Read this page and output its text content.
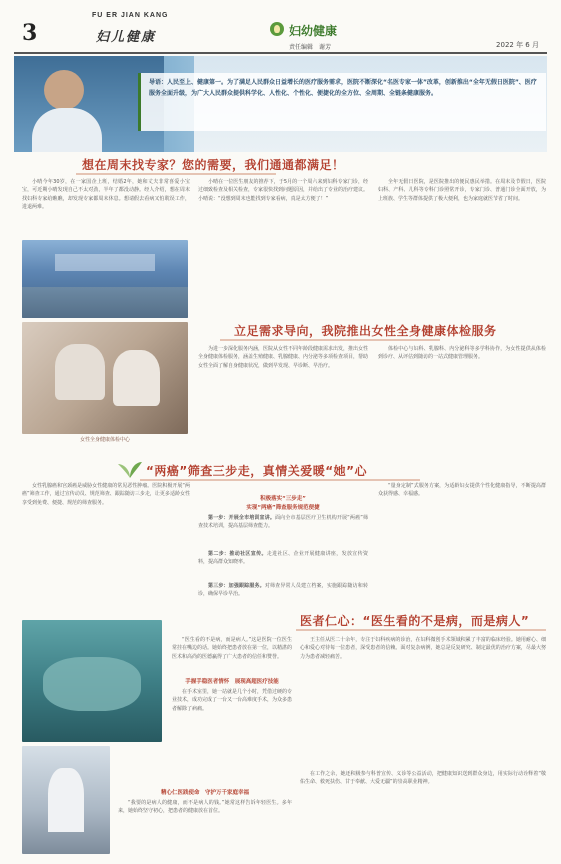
3
FU ER JIAN KANG
妇儿健康	妇幼健康
责任编辑　谢芳	2022 年 6 月

导语：人民至上、健康第一。为了满足人民群众日益增长的医疗服务需求，医院不断深化“名医专家一体”改革，创新推出“全年无假日医院”、医疗服务全面升级，为广大人民群众提供科学化、人性化、个性化、便捷化的全方位、全周期、全链条健康服务。

想在周末找专家？您的需要，我们通通都满足！

小晴今年30岁，在一家国企上班，结婚2年，她和丈夫非常喜爱小宝宝，可近期小晴发现自己不太对劲，半年了都没动静。经人介绍，想在周末找妇科专家给瞧瞧，却发现专家都周末休息。想请假去看病又怕耽误工作，进退两难。

小晴在一位医生朋友的推荐下，于5月的一个周六来到妇科专家门诊，经过细致检查及相关检查，专家很快找到问题原因，并给出了专业的治疗建议。小晴说：“没想到周末也能找到专家看病，真是太方便了！”

全年无假日医院，是医院推出的便民惠民举措。在周末及节假日，医院妇科、产科、儿科等专科门诊照常开诊，专家门诊、普通门诊全面开放，为上班族、学生等群体提供了极大便利，也为家庭就医节省了时间。

立足需求导向，我院推出女性全身健康体检服务
女性全身健康体检中心

为进一步深化服务内涵，医院从女性不同年龄段健康需求出发，推出女性全身健康体检服务，涵盖生殖健康、乳腺健康、内分泌等多项检查项目，帮助女性全面了解自身健康状况，做到早发现、早诊断、早治疗。

体检中心与妇科、乳腺科、内分泌科等多学科协作，为女性提供从体检到诊疗、从评估到随访的一站式健康管理服务。

“两癌”筛查三步走，真情关爱暖“她”心

女性乳腺癌和宫颈癌是威胁女性健康的常见恶性肿瘤。医院积极开展“两癌”筛查工作，通过宣传动员、规范筛查、跟踪随访三步走，让更多适龄女性享受到免费、便捷、规范的筛查服务。

积极落实“三步走”
实现“两癌”筛查服务规范便捷

第一步：开展全市培训宣讲。面向全市基层医疗卫生机构开展“两癌”筛查技术培训，提高基层筛查能力。

第二步：推动社区宣传。走进社区、企业开展健康讲座，发放宣传资料，提高群众知晓率。

第三步：加强跟踪服务。对筛查异常人员建立档案，实施跟踪随访和转诊，确保早诊早治。

“量身定制”式服务方案，为适龄妇女提供个性化健康指导，不断提高群众获得感、幸福感。

医者仁心：“医生看的不是病，而是病人”

“医生看的不是病，而是病人。”这是医院一位医生常挂在嘴边的话。她始终把患者放在第一位，以精湛的医术和高尚的医德赢得了广大患者的信任和赞誉。

手握手稳医者情怀　展现高超医疗技能

在手术室里，她一站就是几个小时，凭借过硬的专业技术，成功完成了一台又一台高难度手术，为众多患者解除了病痛。

精心仁医践使命　守护万千家庭幸福

“我要的是病人的健康，而不是病人的钱。”她常这样告诉年轻医生。多年来，她始终坚守初心，把患者的健康放在首位。

王主任从医二十余年，专注于妇科疾病的诊治，在妇科微创手术领域积累了丰富的临床经验。她用耐心、细心和爱心对待每一位患者，深受患者的信赖。面对复杂病例，她总是反复研究、制定最优的治疗方案，尽最大努力为患者减轻痛苦。

在工作之余，她还积极参与科普宣传、义诊等公益活动，把健康知识送到群众身边，用实际行动诠释着“敬佑生命、救死扶伤、甘于奉献、大爱无疆”的崇高职业精神。
